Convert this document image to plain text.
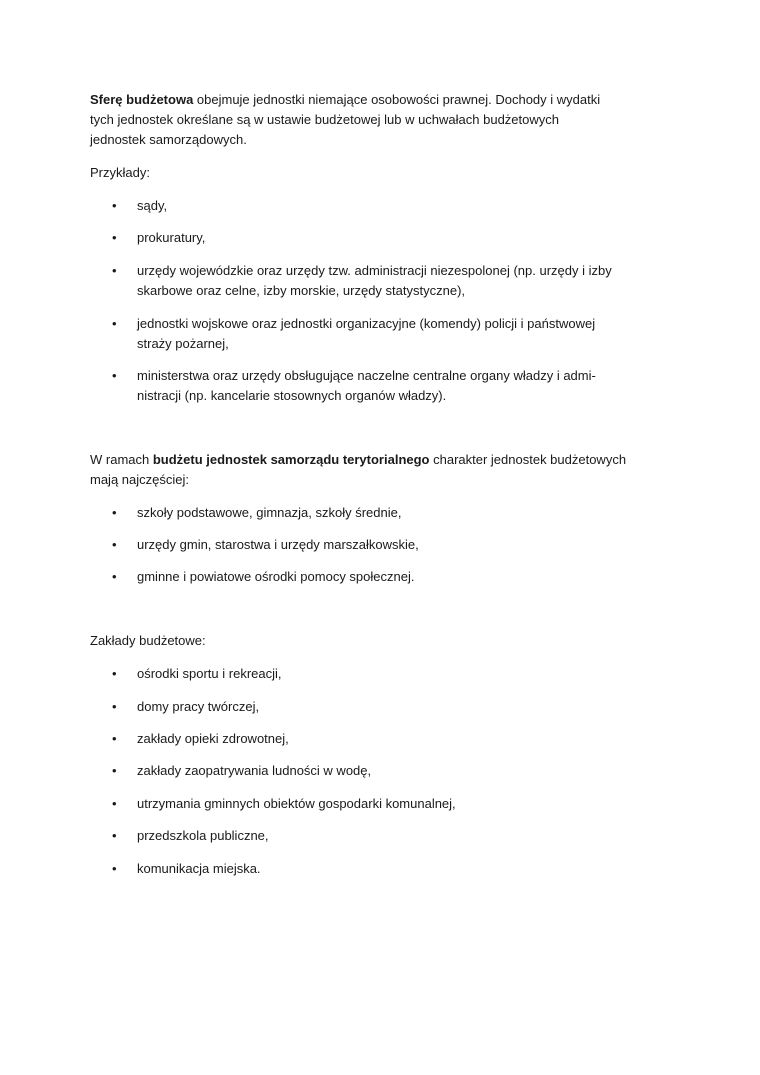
Sferę budżetowa obejmuje jednostki niemające osobowości prawnej. Dochody i wydatki
tych jednostek określane są w ustawie budżetowej lub w uchwałach budżetowych
jednostek samorządowych.
Przykłady:
•	sądy,
•	prokuratury,
•	urzędy wojewódzkie oraz urzędy tzw. administracji niezespolonej (np. urzędy i izby
skarbowe oraz celne, izby morskie, urzędy statystyczne),
•	jednostki wojskowe oraz jednostki organizacyjne (komendy) policji i państwowej
straży pożarnej,
•	ministerstwa oraz urzędy obsługujące naczelne centralne organy władzy i admi-
nistracji (np. kancelarie stosownych organów władzy).
W ramach budżetu jednostek samorządu terytorialnego charakter jednostek budżetowych
mają najczęściej:
•	szkoły podstawowe, gimnazja, szkoły średnie,
•	urzędy gmin, starostwa i urzędy marszałkowskie,
•	gminne i powiatowe ośrodki pomocy społecznej.
Zakłady budżetowe:
•	ośrodki sportu i rekreacji,
•	domy pracy twórczej,
•	zakłady opieki zdrowotnej,
•	zakłady zaopatrywania ludności w wodę,
•	utrzymania gminnych obiektów gospodarki komunalnej,
•	przedszkola publiczne,
•	komunikacja miejska.
